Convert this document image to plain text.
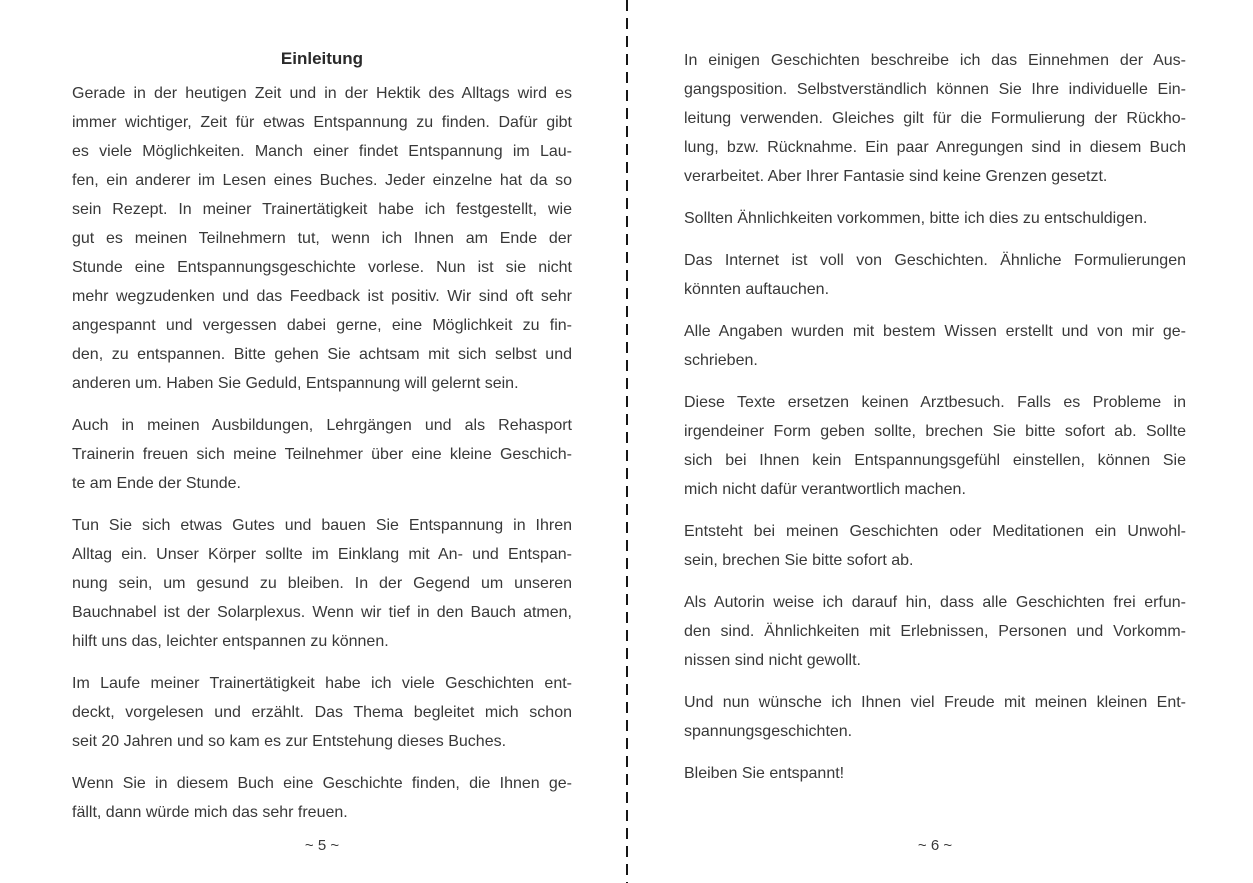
Einleitung
Gerade in der heutigen Zeit und in der Hektik des Alltags wird es
immer wichtiger, Zeit für etwas Entspannung zu finden. Dafür gibt
es viele Möglichkeiten. Manch einer findet Entspannung im Lau-
fen, ein anderer im Lesen eines Buches. Jeder einzelne hat da so
sein Rezept. In meiner Trainertätigkeit habe ich festgestellt, wie
gut es meinen Teilnehmern tut, wenn ich Ihnen am Ende der
Stunde eine Entspannungsgeschichte vorlese. Nun ist sie nicht
mehr wegzudenken und das Feedback ist positiv. Wir sind oft sehr
angespannt und vergessen dabei gerne, eine Möglichkeit zu fin-
den, zu entspannen. Bitte gehen Sie achtsam mit sich selbst und
anderen um. Haben Sie Geduld, Entspannung will gelernt sein.
Auch in meinen Ausbildungen, Lehrgängen und als Rehasport
Trainerin freuen sich meine Teilnehmer über eine kleine Geschich-
te am Ende der Stunde.
Tun Sie sich etwas Gutes und bauen Sie Entspannung in Ihren
Alltag ein. Unser Körper sollte im Einklang mit An- und Entspan-
nung sein, um gesund zu bleiben. In der Gegend um unseren
Bauchnabel ist der Solarplexus. Wenn wir tief in den Bauch atmen,
hilft uns das, leichter entspannen zu können.
Im Laufe meiner Trainertätigkeit habe ich viele Geschichten ent-
deckt, vorgelesen und erzählt. Das Thema begleitet mich schon
seit 20 Jahren und so kam es zur Entstehung dieses Buches.
Wenn Sie in diesem Buch eine Geschichte finden, die Ihnen ge-
fällt, dann würde mich das sehr freuen.
In einigen Geschichten beschreibe ich das Einnehmen der Aus-
gangsposition. Selbstverständlich können Sie Ihre individuelle Ein-
leitung verwenden. Gleiches gilt für die Formulierung der Rückho-
lung, bzw. Rücknahme. Ein paar Anregungen sind in diesem Buch
verarbeitet. Aber Ihrer Fantasie sind keine Grenzen gesetzt.
Sollten Ähnlichkeiten vorkommen, bitte ich dies zu entschuldigen.
Das Internet ist voll von Geschichten. Ähnliche Formulierungen
könnten auftauchen.
Alle Angaben wurden mit bestem Wissen erstellt und von mir ge-
schrieben.
Diese Texte ersetzen keinen Arztbesuch. Falls es Probleme in
irgendeiner Form geben sollte, brechen Sie bitte sofort ab. Sollte
sich bei Ihnen kein Entspannungsgefühl einstellen, können Sie
mich nicht dafür verantwortlich machen.
Entsteht bei meinen Geschichten oder Meditationen ein Unwohl-
sein, brechen Sie bitte sofort ab.
Als Autorin weise ich darauf hin, dass alle Geschichten frei erfun-
den sind. Ähnlichkeiten mit Erlebnissen, Personen und Vorkomm-
nissen sind nicht gewollt.
Und nun wünsche ich Ihnen viel Freude mit meinen kleinen Ent-
spannungsgeschichten.
Bleiben Sie entspannt!
~ 5 ~	~ 6 ~
